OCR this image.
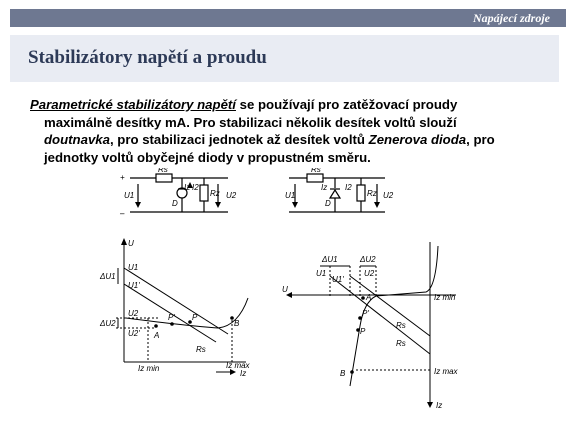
Napájecí zdroje
Stabilizátory napětí a proudu
Parametrické stabilizátory napětí se používají pro zatěžovací proudy
maximálně desítky mA. Pro stabilizaci několik desítek voltů slouží
doutnavka, pro stabilizaci jednotek až desítek voltů Zenerova dioda, pro
jednotky voltů obyčejné diody v propustném směru.
+
–
Rs
Iz I2
Rz
U1	U2
D
Rs
Iz I2
Rz
U1	U2
D
U
U1
U1'
ΔU1
U2
U2'
ΔU2
P
P'
A
B
Rs
Iz min	Iz max
Iz
U
ΔU1	ΔU2
U1
U1'
U2
A
P'
P
Rs
Rs
B
Iz min
Iz max
Iz
